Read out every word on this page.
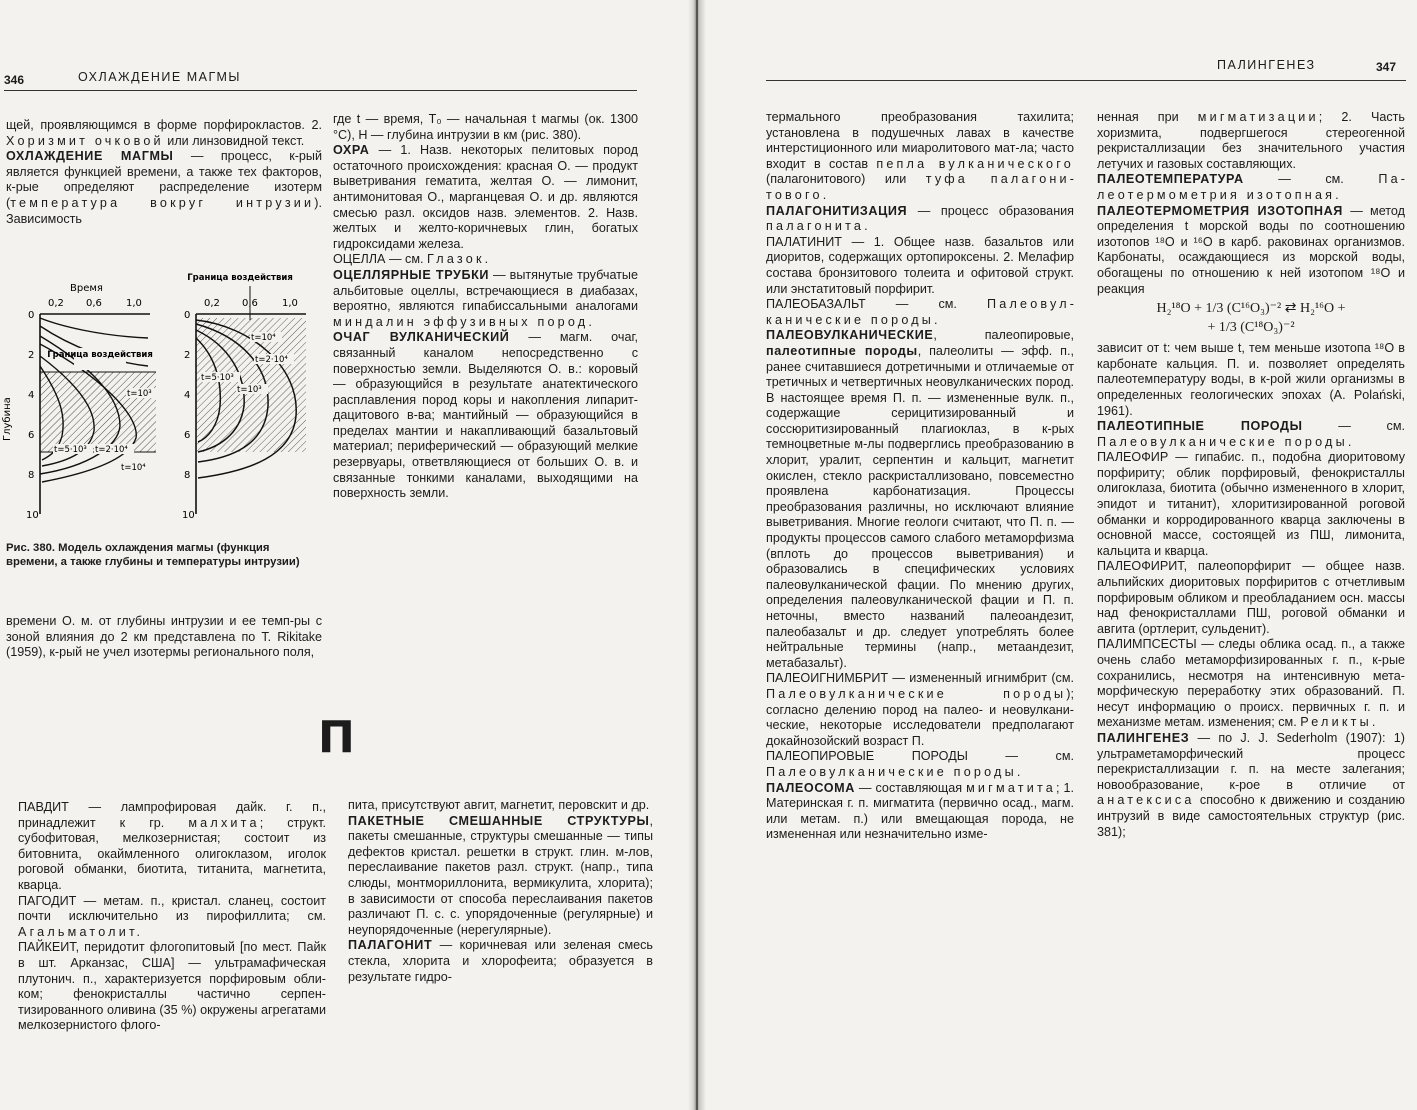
346	ОХЛАЖДЕНИЕ МАГМЫ

щей, проявляющимся в форме порфирокластов. 2. Хоризмит очковой или линзовидной текст.

ОХЛАЖДЕНИЕ МАГМЫ — процесс, к-рый является функцией времени, а также тех факторов, к-рые определяют распределение изотерм (температура вокруг интрузии). Зависимость

Время
0,2 0,6 1,0
0
2
4
6
8
10
Глубина
Граница воздействия
t=10³
t=5·10³ t=2·10⁴
t=10⁴
Граница воздействия
0,2 0,6 1,0
0
2
4
6
8
10
t=10⁴
t=2·10⁴
t=5·10³
t=10³
Рис. 380. Модель охлаждения магмы (функция времени, а также глубины и температуры интрузии)
времени О. м. от глубины интрузии и ее темп-ры с зоной влияния до 2 км представлена по T. Rikitake (1959), к-рый не учел изотермы регионального поля,

где t — время, T₀ — начальная t магмы (ок. 1300 °C), H — глубина интрузии в км (рис. 380).

ОХРА — 1. Назв. некоторых пелитовых пород остаточного происхождения: красная О. — продукт выветривания гематита, желтая О. — лимонит, антимонитовая О., марганцевая О. и др. являются смесью разл. оксидов назв. элементов. 2. Назв. желтых и желто-коричневых глин, богатых гидроксидами железа.

ОЦЕЛЛА — см. Глазок.

ОЦЕЛЛЯРНЫЕ ТРУБКИ — вытянутые трубчатые альбитовые оцеллы, встречающиеся в диабазах, вероятно, являются гипабиссальными аналогами миндалин эффузивных пород.

ОЧАГ ВУЛКАНИЧЕСКИЙ — магм. очаг, связанный каналом непосредственно с поверхностью земли. Выделяются О. в.: коровый — образующийся в результате анатектического расплавления пород коры и накопления липаритдацитового в-ва; мантийный — образующийся в пределах мантии и накапливающий базальтовый материал; периферический — образующий мелкие резервуары, ответвляющиеся от больших О. в. и связанные тонкими каналами, выходящими на поверхность земли.

П

ПАВДИТ — лампрофировая дайк. г. п., принадлежит к гр. малхита; структ. субофитовая, мелкозернистая; состоит из битовнита, окаймленного олигоклазом, иголок роговой обманки, биотита, титанита, магнетита, кварца.

ПАГОДИТ — метам. п., кристал. сланец, состоит почти исключительно из пирофиллита; см. Агальматолит.

ПАЙКЕИТ, перидотит флогопитовый [по мест. Пайк в шт. Арканзас, США] — ультрамафическая плутонич. п., характеризуется порфировым обликом; фенокристаллы частично серпентизированного оливина (35 %) окружены агрегатами мелкозернистого флого-

пита, присутствуют авгит, магнетит, перовскит и др.

ПАКЕТНЫЕ СМЕШАННЫЕ СТРУКТУРЫ, пакеты смешанные, структуры смешанные — типы дефектов кристал. решетки в структ. глин. м-лов, переслаивание пакетов разл. структ. (напр., типа слюды, монтмориллонита, вермикулита, хлорита); в зависимости от способа переслаивания пакетов различают П. с. с. упорядоченные (регулярные) и неупорядоченные (нерегулярные).

ПАЛАГОНИТ — коричневая или зеленая смесь стекла, хлорита и хлорофеита; образуется в результате гидро-

ПАЛИНГЕНЕЗ	347

термального преобразования тахилита; установлена в подушечных лавах в качестве интерстиционного или миаролитового мат-ла; часто входит в состав пепла вулканического (палагонитового) или туфа палагонитового.

ПАЛАГОНИТИЗАЦИЯ — процесс образования палагонита.

ПАЛАТИНИТ — 1. Общее назв. базальтов или диоритов, содержащих ортопироксены. 2. Мелафир состава бронзитового толеита и офитовой структ. или энстатитовый порфирит.

ПАЛЕОБАЗАЛЬТ — см. Палеовулканические породы.

ПАЛЕОВУЛКАНИЧЕСКИЕ, палеопировые, палеотипные породы, палеолиты — эфф. п., ранее считавшиеся дотретичными и отличаемые от третичных и четвертичных неовулканических пород. В настоящее время П. п. — измененные вулк. п., содержащие серицитизированный и соссюритизированный плагиоклаз, в к-рых темноцветные м-лы подверглись преобразованию в хлорит, уралит, серпентин и кальцит, магнетит окислен, стекло раскристаллизовано, повсеместно проявлена карбонатизация. Процессы преобразования различны, но исключают влияние выветривания. Многие геологи считают, что П. п. — продукты процессов самого слабого метаморфизма (вплоть до процессов выветривания) и образовались в специфических условиях палеовулканической фации. По мнению других, определения палеовулканической фации и П. п. неточны, вместо названий палеоандезит, палеобазальт и др. следует употреблять более нейтральные термины (напр., метаандезит, метабазальт).

ПАЛЕОИГНИМБРИТ — измененный игнимбрит (см. Палеовулканические породы); согласно делению пород на палео- и неовулканические, некоторые исследователи предполагают докайнозойский возраст П.

ПАЛЕОПИРОВЫЕ ПОРОДЫ — см. Палеовулканические породы.

ПАЛЕОСОМА — составляющая мигматита; 1. Материнская г. п. мигматита (первично осад., магм. или метам. п.) или вмещающая порода, не измененная или незначительно изме-

ненная при мигматизации; 2. Часть хоризмита, подвергшегося стереогенной рекристаллизации без значительного участия летучих и газовых составляющих.

ПАЛЕОТЕМПЕРАТУРА — см. Палеотермометрия изотопная.

ПАЛЕОТЕРМОМЕТРИЯ ИЗОТОПНАЯ — метод определения t морской воды по соотношению изотопов ¹⁸O и ¹⁶O в карб. раковинах организмов. Карбонаты, осаждающиеся из морской воды, обогащены по отношению к ней изотопом ¹⁸O и реакция

H₂¹⁸O + 1/3 (C¹⁶O₃)⁻² ⇄ H₂¹⁶O +
+ 1/3 (C¹⁸O₃)⁻²

зависит от t: чем выше t, тем меньше изотопа ¹⁸O в карбонате кальция. П. и. позволяет определять палеотемпературу воды, в к-рой жили организмы в определенных геологических эпохах (A. Polański, 1961).

ПАЛЕОТИПНЫЕ ПОРОДЫ — см. Палеовулканические породы.

ПАЛЕОФИР — гипабис. п., подобна диоритовому порфириту; облик порфировый, фенокристаллы олигоклаза, биотита (обычно измененного в хлорит, эпидот и титанит), хлоритизированной роговой обманки и корродированного кварца заключены в основной массе, состоящей из ПШ, лимонита, кальцита и кварца.

ПАЛЕОФИРИТ, палеопорфирит — общее назв. альпийских диоритовых порфиритов с отчетливым порфировым обликом и преобладанием осн. массы над фенокристаллами ПШ, роговой обманки и авгита (ортлерит, сульденит).

ПАЛИМПСЕСТЫ — следы облика осад. п., а также очень слабо метаморфизированных г. п., к-рые сохранились, несмотря на интенсивную метаморфическую переработку этих образований. П. несут информацию о происх. первичных г. п. и механизме метам. изменения; см. Реликты.

ПАЛИНГЕНЕЗ — по J. J. Sederholm (1907): 1) ультраметаморфический процесс перекристаллизации г. п. на месте залегания; новообразование, к-рое в отличие от анатексиса способно к движению и созданию интрузий в виде самостоятельных структур (рис. 381);
